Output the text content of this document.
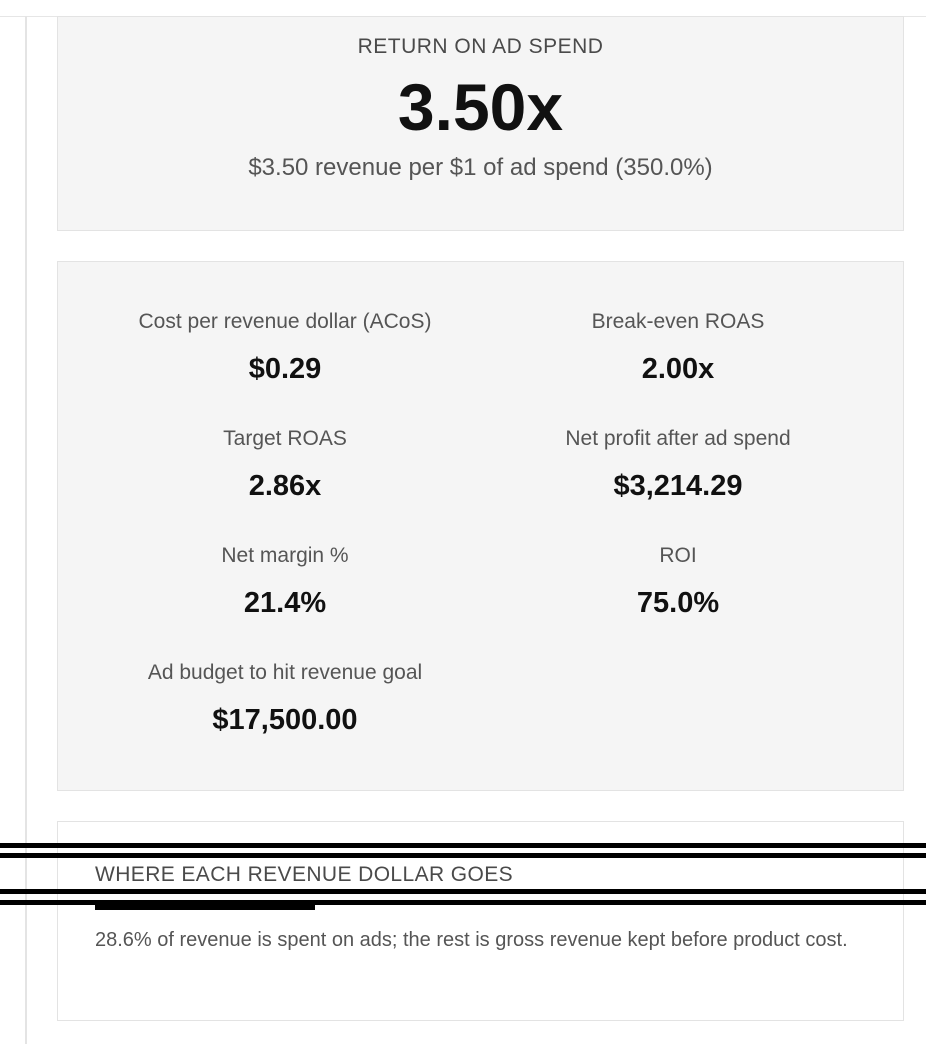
RETURN ON AD SPEND
3.50x
$3.50 revenue per $1 of ad spend (350.0%)
Cost per revenue dollar (ACoS)
$0.29
Break-even ROAS
2.00x
Target ROAS
2.86x
Net profit after ad spend
$3,214.29
Net margin %
21.4%
ROI
75.0%
Ad budget to hit revenue goal
$17,500.00
WHERE EACH REVENUE DOLLAR GOES
28.6% of revenue is spent on ads; the rest is gross revenue kept before product cost.
